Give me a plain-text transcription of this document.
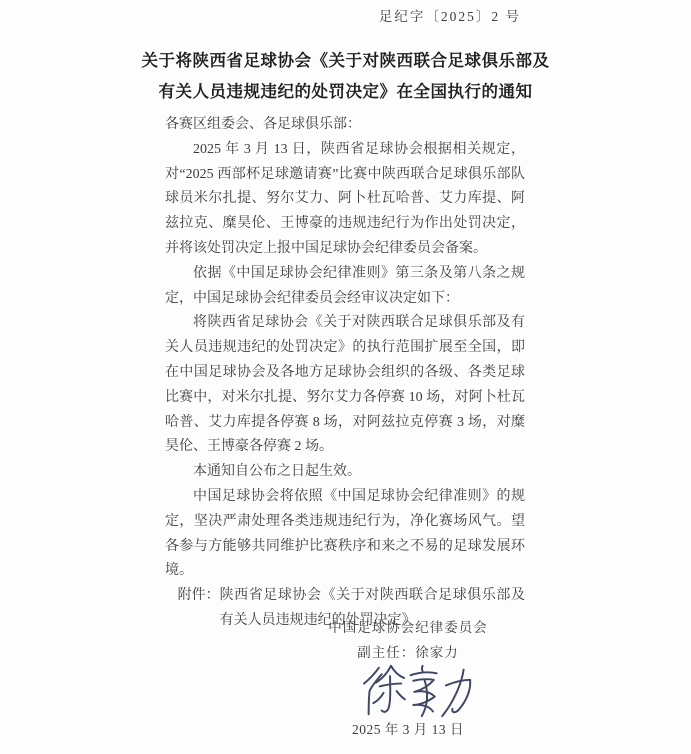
足纪字〔2025〕2 号
关于将陕西省足球协会《关于对陕西联合足球俱乐部及
有关人员违规违纪的处罚决定》在全国执行的通知

各赛区组委会、各足球俱乐部：

2025 年 3 月 13 日，陕西省足球协会根据相关规定，对“2025 西部杯足球邀请赛”比赛中陕西联合足球俱乐部队球员米尔扎提、努尔艾力、阿卜杜瓦哈普、艾力库提、阿兹拉克、糜昊伦、王博豪的违规违纪行为作出处罚决定，并将该处罚决定上报中国足球协会纪律委员会备案。

依据《中国足球协会纪律准则》第三条及第八条之规定，中国足球协会纪律委员会经审议决定如下：

将陕西省足球协会《关于对陕西联合足球俱乐部及有关人员违规违纪的处罚决定》的执行范围扩展至全国，即在中国足球协会及各地方足球协会组织的各级、各类足球比赛中，对米尔扎提、努尔艾力各停赛 10 场，对阿卜杜瓦哈普、艾力库提各停赛 8 场，对阿兹拉克停赛 3 场，对糜昊伦、王博豪各停赛 2 场。

本通知自公布之日起生效。

中国足球协会将依照《中国足球协会纪律准则》的规定，坚决严肃处理各类违规违纪行为，净化赛场风气。望各参与方能够共同维护比赛秩序和来之不易的足球发展环境。

附件： 陕西省足球协会《关于对陕西联合足球俱乐部及有关人员违规违纪的处罚决定》
中国足球协会纪律委员会
副主任：徐家力
2025 年 3 月 13 日
